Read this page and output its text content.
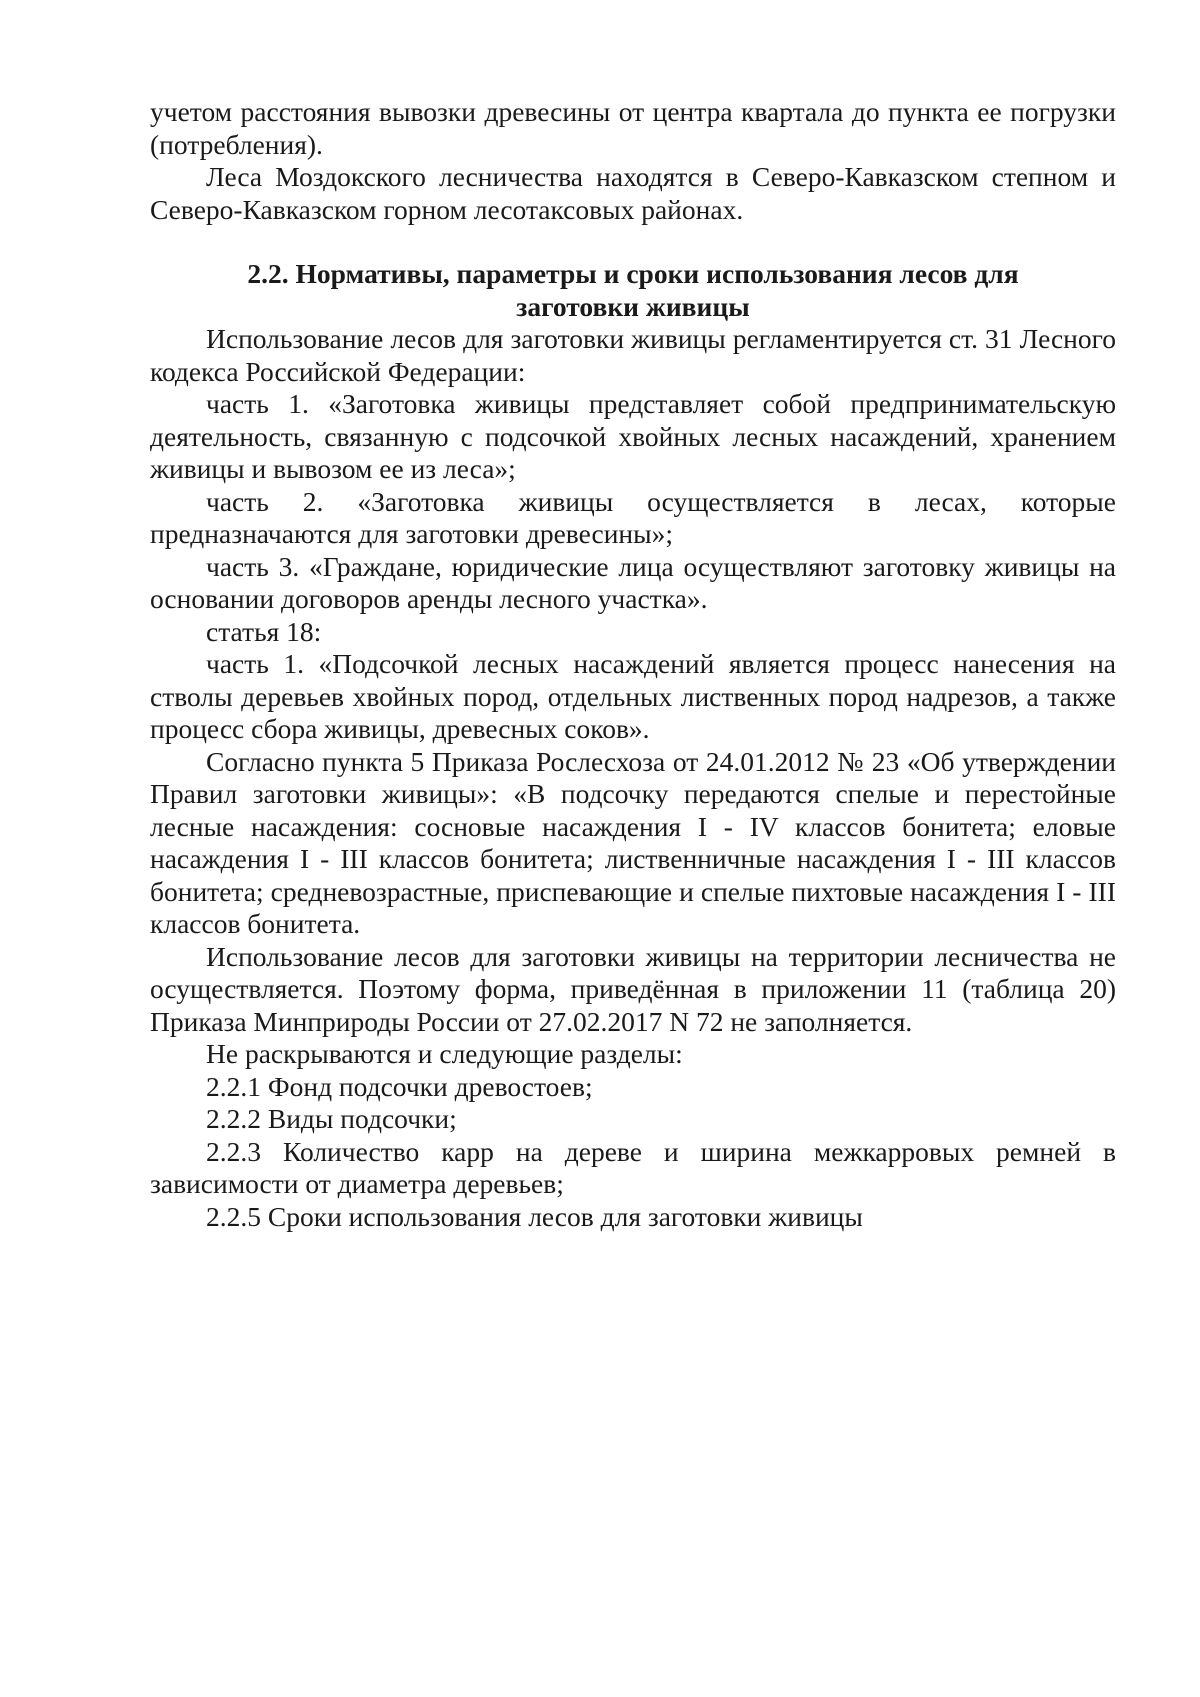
учетом расстояния вывозки древесины от центра квартала до пункта ее погрузки (потребления).

Леса Моздокского лесничества находятся в Северо-Кавказском степном и Северо-Кавказском горном лесотаксовых районах.

2.2. Нормативы, параметры и сроки использования лесов для заготовки живицы

Использование лесов для заготовки живицы регламентируется ст. 31 Лесного кодекса Российской Федерации:

часть 1. «Заготовка живицы представляет собой предпринимательскую деятельность, связанную с подсочкой хвойных лесных насаждений, хранением живицы и вывозом ее из леса»;

часть 2. «Заготовка живицы осуществляется в лесах, которые предназначаются для заготовки древесины»;

часть 3. «Граждане, юридические лица осуществляют заготовку живицы на основании договоров аренды лесного участка».

статья 18:

часть 1. «Подсочкой лесных насаждений является процесс нанесения на стволы деревьев хвойных пород, отдельных лиственных пород надрезов, а также процесс сбора живицы, древесных соков».

Согласно пункта 5 Приказа Рослесхоза от 24.01.2012 № 23 «Об утверждении Правил заготовки живицы»: «В подсочку передаются спелые и перестойные лесные насаждения: сосновые насаждения I - IV классов бонитета; еловые насаждения I - III классов бонитета; лиственничные насаждения I - III классов бонитета; средневозрастные, приспевающие и спелые пихтовые насаждения I - III классов бонитета.

Использование лесов для заготовки живицы на территории лесничества не осуществляется. Поэтому форма, приведённая в приложении 11 (таблица 20) Приказа Минприроды России от 27.02.2017 N 72 не заполняется.

Не раскрываются и следующие разделы:

2.2.1 Фонд подсочки древостоев;

2.2.2 Виды подсочки;

2.2.3 Количество карр на дереве и ширина межкарровых ремней в зависимости от диаметра деревьев;

2.2.5 Сроки использования лесов для заготовки живицы
